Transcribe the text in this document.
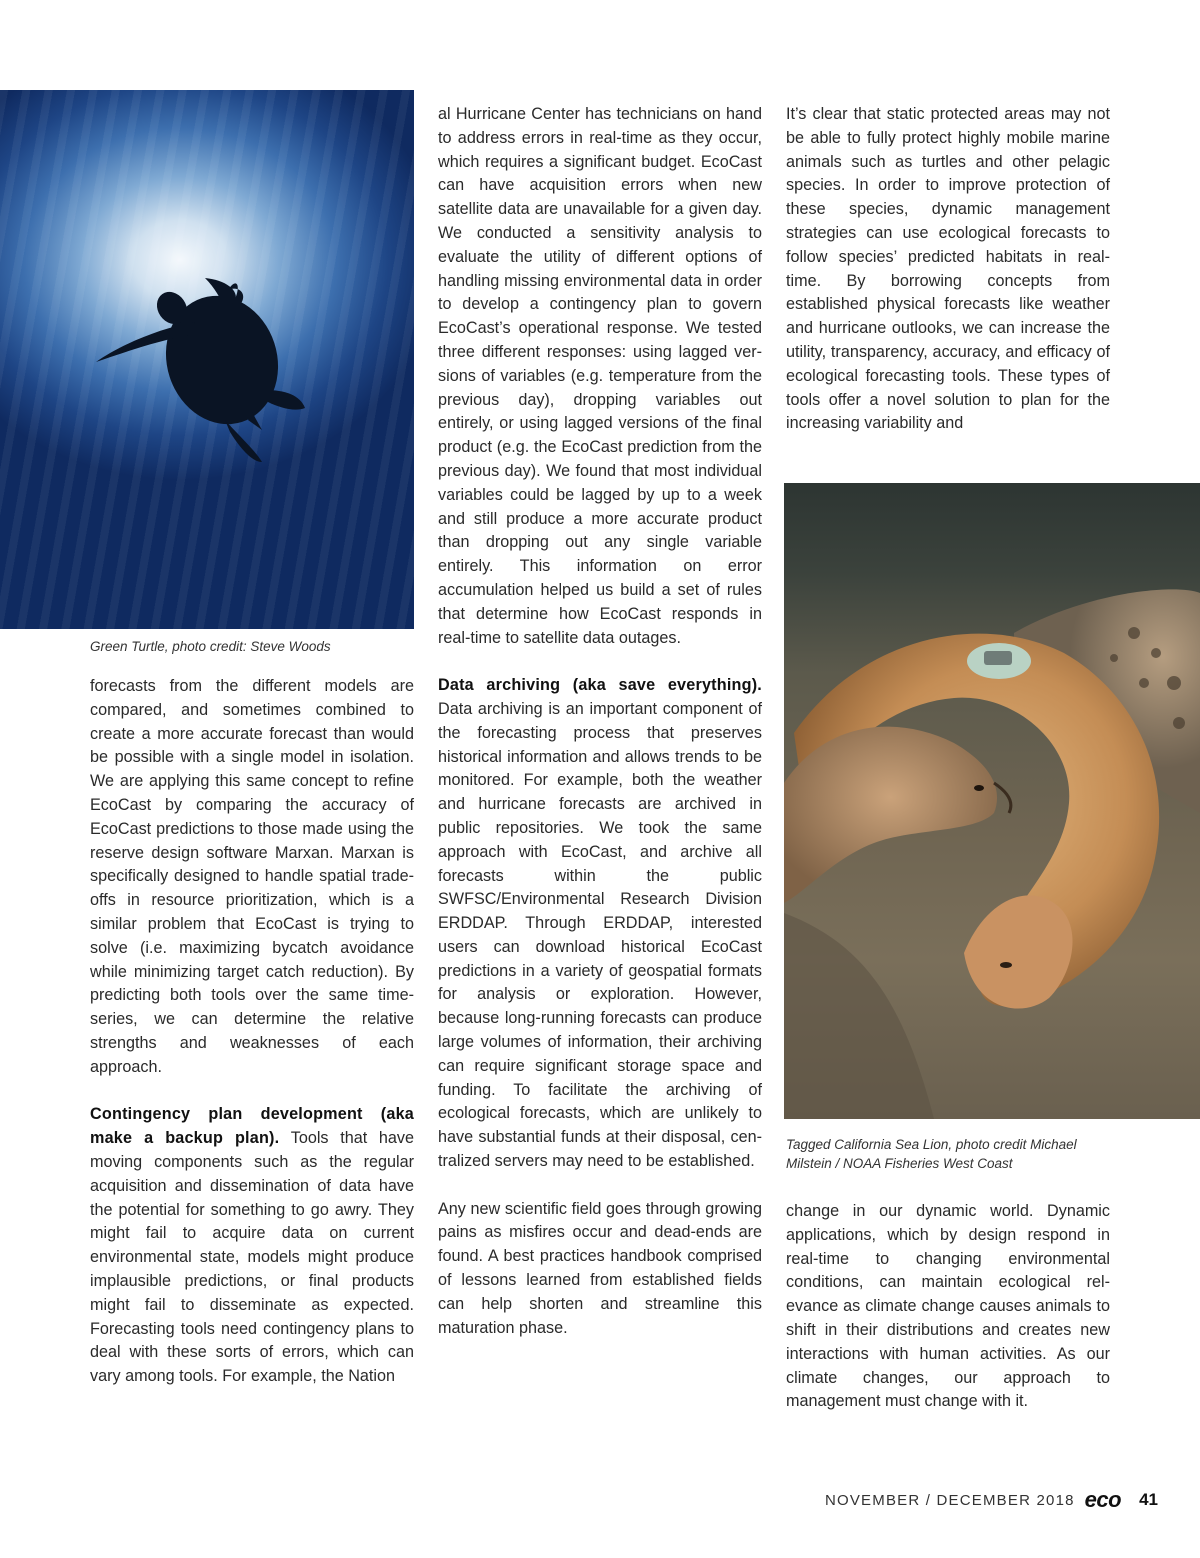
Green Turtle, photo credit: Steve Woods

forecasts from the different models are compared, and sometimes combined to create a more accurate forecast than would be possible with a single model in isolation. We are applying this same concept to refine EcoCast by comparing the accuracy of EcoCast predictions to those made using the reserve design software Marxan. Marxan is specifically designed to handle spatial trade-offs in resource prioritization, which is a similar problem that EcoCast is trying to solve (i.e. maximizing bycatch avoidance while minimizing target catch reduction). By predicting both tools over the same time-series, we can determine the relative strengths and weaknesses of each approach.

Contingency plan development (aka make a backup plan). Tools that have moving components such as the regular acquisition and dissemination of data have the potential for something to go awry. They might fail to acquire data on current environmental state, models might produce implausible predictions, or final products might fail to disseminate as expected. Forecasting tools need contingency plans to deal with these sorts of errors, which can vary among tools. For example, the Nation

al Hurricane Center has technicians on hand to address errors in real-time as they occur, which requires a significant budget. EcoCast can have acquisition errors when new satellite data are unavailable for a given day. We conducted a sensitivity analysis to evaluate the utility of different options of handling missing environmental data in order to develop a contingency plan to govern EcoCast’s operational response. We tested three different responses: using lagged versions of variables (e.g. temperature from the previous day), dropping variables out entirely, or using lagged versions of the final product (e.g. the EcoCast prediction from the previous day). We found that most individual variables could be lagged by up to a week and still produce a more accurate product than dropping out any single variable entirely. This information on error accumulation helped us build a set of rules that determine how EcoCast responds in real-time to satellite data outages.

Data archiving (aka save everything). Data archiving is an important component of the forecasting process that preserves historical information and allows trends to be monitored. For example, both the weather and hurricane forecasts are archived in public repositories. We took the same approach with EcoCast, and archive all forecasts within the public SWFSC/Environmental Research Division ERDDAP. Through ERDDAP, interested users can download historical EcoCast predictions in a variety of geospatial formats for analysis or exploration. However, because long-running forecasts can produce large volumes of information, their archiving can require significant storage space and funding. To facilitate the archiving of ecological forecasts, which are unlikely to have substantial funds at their disposal, centralized servers may need to be established.

Any new scientific field goes through growing pains as misfires occur and dead-ends are found. A best practices handbook comprised of lessons learned from established fields can help shorten and streamline this maturation phase.

It’s clear that static protected areas may not be able to fully protect highly mobile marine animals such as turtles and other pelagic species. In order to improve protection of these species, dynamic management strategies can use ecological forecasts to follow species’ predicted habitats in real-time. By borrowing concepts from established physical forecasts like weather and hurricane outlooks, we can increase the utility, transparency, accuracy, and efficacy of ecological forecasting tools. These types of tools offer a novel solution to plan for the increasing variability and

Tagged California Sea Lion, photo credit Michael Milstein / NOAA Fisheries West Coast

change in our dynamic world. Dynamic applications, which by design respond in real-time to changing environmental conditions, can maintain ecological relevance as climate change causes animals to shift in their distributions and creates new interactions with human activities. As our climate changes, our approach to management must change with it.

NOVEMBER / DECEMBER 2018 eco 41
